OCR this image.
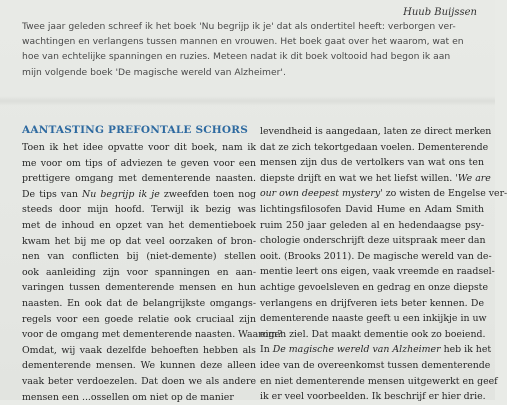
Huub Buijssen
Twee jaar geleden schreef ik het boek 'Nu begrijp ik je' dat als ondertitel heeft: verborgen ver-
wachtingen en verlangens tussen mannen en vrouwen. Het boek gaat over het waarom, wat en
hoe van echtelijke spanningen en ruzies. Meteen nadat ik dit boek voltooid had begon ik aan
mijn volgende boek 'De magische wereld van Alzheimer'.
AANTASTING PREFONTALE SCHORS
Toen ik het idee opvatte voor dit boek, nam ik
me voor om tips of adviezen te geven voor een
prettigere omgang met dementerende naasten.
De tips van Nu begrijp ik je zweefden toen nog
steeds door mijn hoofd. Terwijl ik bezig was
met de inhoud en opzet van het dementieboek
kwam het bij me op dat veel oorzaken of bron-
nen van conflicten bij (niet-demente) stellen
ook aanleiding zijn voor spanningen en aan-
varingen tussen dementerende mensen en hun
naasten. En ook dat de belangrijkste omgangs-
regels voor een goede relatie ook cruciaal zijn
voor de omgang met dementerende naasten. Waarom?
Omdat, wij vaak dezelfde behoeften hebben als
dementerende mensen. We kunnen deze alleen
vaak beter verdoezelen. Dat doen we als andere
mensen een ...ossellen om niet op de manier
levendheid is aangedaan, laten ze direct merken
dat ze zich tekortgedaan voelen. Dementerende
mensen zijn dus de vertolkers van wat ons ten
diepste drijft en wat we het liefst willen. 'We are
our own deepest mystery' zo wisten de Engelse ver-
lichtingsfilosofen David Hume en Adam Smith
ruim 250 jaar geleden al en hedendaagse psy-
chologie onderschrijft deze uitspraak meer dan
ooit. (Brooks 2011). De magische wereld van de-
mentie leert ons eigen, vaak vreemde en raadsel-
achtige gevoelsleven en gedrag en onze diepste
verlangens en drijfveren iets beter kennen. De
dementerende naaste geeft u een inkijkje in uw
eigen ziel. Dat maakt dementie ook zo boeiend.
In De magische wereld van Alzheimer heb ik het
idee van de overeenkomst tussen dementerende
en niet dementerende mensen uitgewerkt en geef
ik er veel voorbeelden. Ik beschrijf er hier drie.
